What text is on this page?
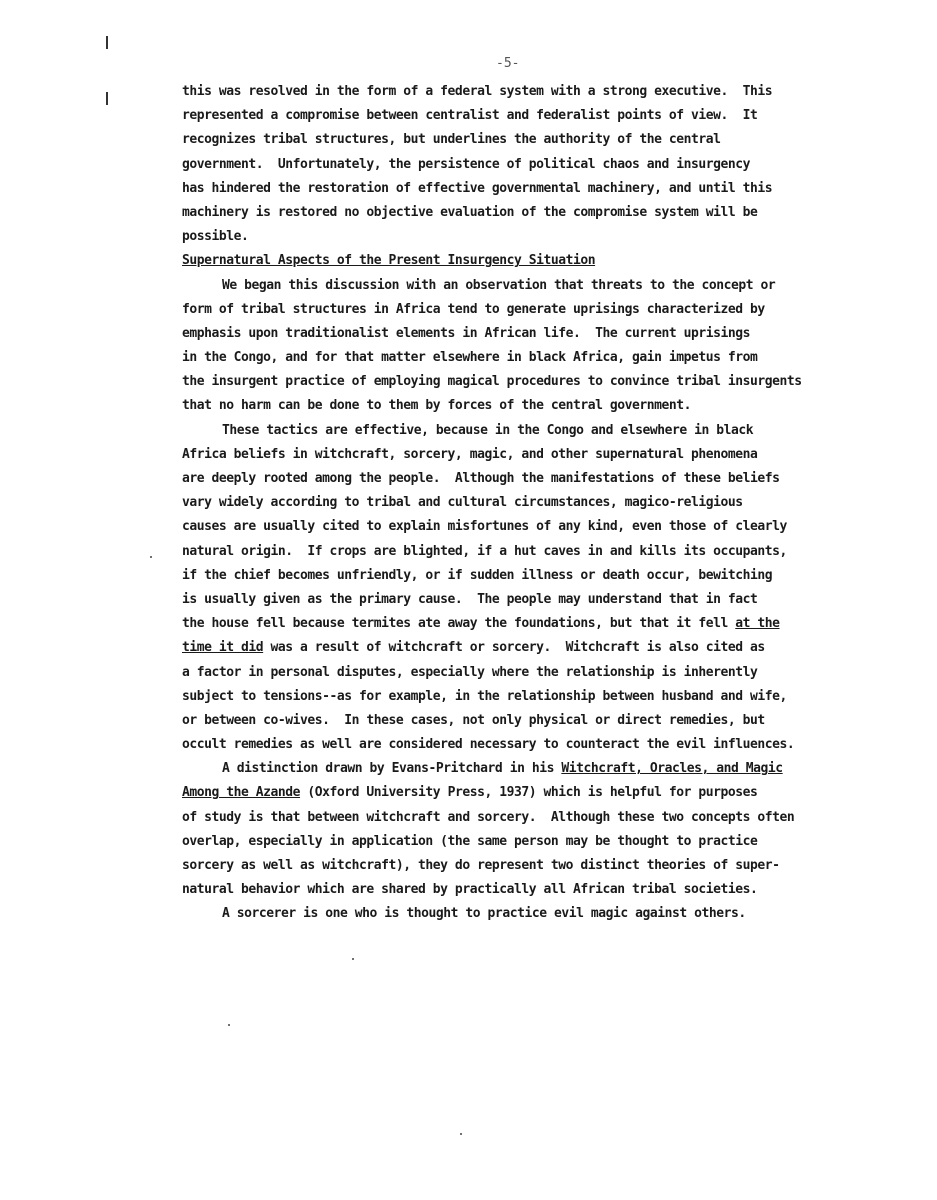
-5-
this was resolved in the form of a federal system with a strong executive.  This
represented a compromise between centralist and federalist points of view.  It
recognizes tribal structures, but underlines the authority of the central
government.  Unfortunately, the persistence of political chaos and insurgency
has hindered the restoration of effective governmental machinery, and until this
machinery is restored no objective evaluation of the compromise system will be
possible.
Supernatural Aspects of the Present Insurgency Situation
We began this discussion with an observation that threats to the concept or
form of tribal structures in Africa tend to generate uprisings characterized by
emphasis upon traditionalist elements in African life.  The current uprisings
in the Congo, and for that matter elsewhere in black Africa, gain impetus from
the insurgent practice of employing magical procedures to convince tribal insurgents
that no harm can be done to them by forces of the central government.
These tactics are effective, because in the Congo and elsewhere in black
Africa beliefs in witchcraft, sorcery, magic, and other supernatural phenomena
are deeply rooted among the people.  Although the manifestations of these beliefs
vary widely according to tribal and cultural circumstances, magico-religious
causes are usually cited to explain misfortunes of any kind, even those of clearly
natural origin.  If crops are blighted, if a hut caves in and kills its occupants,
if the chief becomes unfriendly, or if sudden illness or death occur, bewitching
is usually given as the primary cause.  The people may understand that in fact
the house fell because termites ate away the foundations, but that it fell at the
time it did was a result of witchcraft or sorcery.  Witchcraft is also cited as
a factor in personal disputes, especially where the relationship is inherently
subject to tensions--as for example, in the relationship between husband and wife,
or between co-wives.  In these cases, not only physical or direct remedies, but
occult remedies as well are considered necessary to counteract the evil influences.
A distinction drawn by Evans-Pritchard in his Witchcraft, Oracles, and Magic
Among the Azande (Oxford University Press, 1937) which is helpful for purposes
of study is that between witchcraft and sorcery.  Although these two concepts often
overlap, especially in application (the same person may be thought to practice
sorcery as well as witchcraft), they do represent two distinct theories of super-
natural behavior which are shared by practically all African tribal societies.
A sorcerer is one who is thought to practice evil magic against others.
